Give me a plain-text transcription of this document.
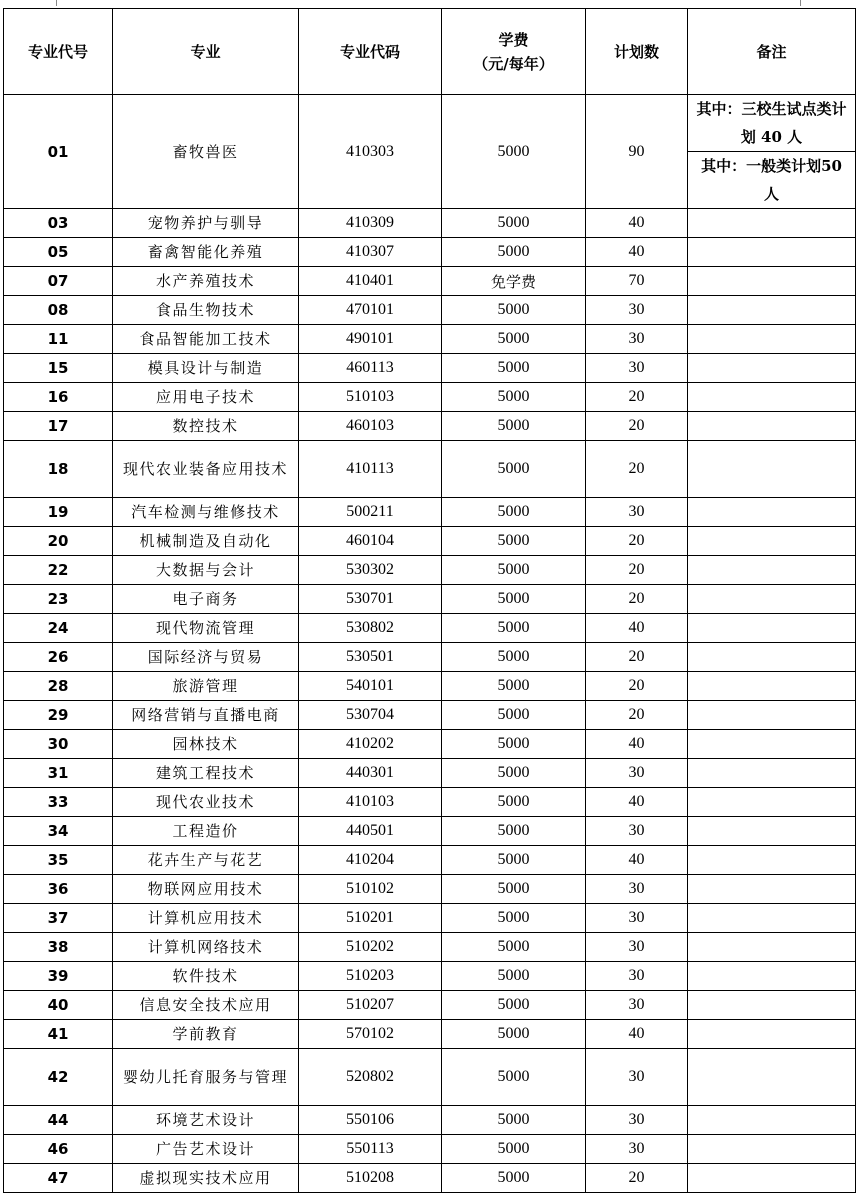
专业代号	专业	专业代码	学费
（元/每年）	计划数	备注
01	畜牧兽医	410303	5000	90	其中：三校生试点类计划 40 人
其中：一般类计划50 人

03	宠物养护与驯导	410309	5000	40	
05	畜禽智能化养殖	410307	5000	40	
07	水产养殖技术	410401	免学费	70	
08	食品生物技术	470101	5000	30	
11	食品智能加工技术	490101	5000	30	
15	模具设计与制造	460113	5000	30	
16	应用电子技术	510103	5000	20	
17	数控技术	460103	5000	20	
18	现代农业装备应用技术	410113	5000	20	
19	汽车检测与维修技术	500211	5000	30	
20	机械制造及自动化	460104	5000	20	
22	大数据与会计	530302	5000	20	
23	电子商务	530701	5000	20	
24	现代物流管理	530802	5000	40	
26	国际经济与贸易	530501	5000	20	
28	旅游管理	540101	5000	20	
29	网络营销与直播电商	530704	5000	20	
30	园林技术	410202	5000	40	
31	建筑工程技术	440301	5000	30	
33	现代农业技术	410103	5000	40	
34	工程造价	440501	5000	30	
35	花卉生产与花艺	410204	5000	40	
36	物联网应用技术	510102	5000	30	
37	计算机应用技术	510201	5000	30	
38	计算机网络技术	510202	5000	30	
39	软件技术	510203	5000	30	
40	信息安全技术应用	510207	5000	30	
41	学前教育	570102	5000	40	
42	婴幼儿托育服务与管理	520802	5000	30	
44	环境艺术设计	550106	5000	30	
46	广告艺术设计	550113	5000	30	
47	虚拟现实技术应用	510208	5000	20	
